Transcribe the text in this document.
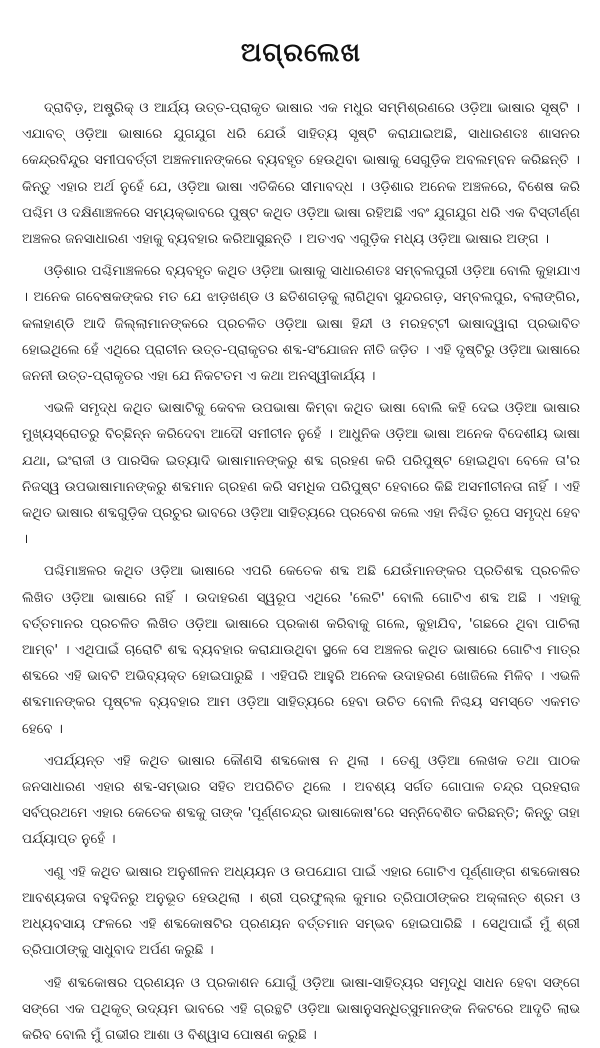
ଅଗ୍ରଲେଖ

ଦ୍ରାବିଡ଼, ଅଷ୍ଟ୍ରିକ୍ ଓ ଆର୍ଯ୍ୟ ଉତ୍ତ-ପ୍ରାକୃତ ଭାଷାର ଏକ ମଧୁର ସମ୍ମିଶ୍ରଣରେ ଓଡ଼ିଆ ଭାଷାର ସୃଷ୍ଟି । ଏଯାବତ୍ ଓଡ଼ିଆ ଭାଷାରେ ଯୁଗଯୁଗ ଧରି ଯେଉଁ ସାହିତ୍ୟ ସୃଷ୍ଟି କରାଯାଇଅଛି, ସାଧାରଣତଃ ଶାସନର କେନ୍ଦ୍ରବିନ୍ଦୁର ସମୀପବର୍ତ୍ତୀ ଅଞ୍ଚଳମାନଙ୍କରେ ବ୍ୟବହୃତ ହେଉଥିବା ଭାଷାକୁ ସେଗୁଡ଼ିକ ଅବଲମ୍ବନ କରିଛନ୍ତି । କିନ୍ତୁ ଏହାର ଅର୍ଥ ନୁହେଁ ଯେ, ଓଡ଼ିଆ ଭାଷା ଏତିକିରେ ସୀମାବଦ୍ଧ । ଓଡ଼ିଶାର ଅନେକ ଅଞ୍ଚଳରେ, ବିଶେଷ କରି ପଶ୍ଚିମ ଓ ଦକ୍ଷିଣାଞ୍ଚଳରେ ସମ୍ୟକ୍‌ଭାବରେ ପୁଷ୍ଟ କଥିତ ଓଡ଼ିଆ ଭାଷା ରହିଅଛି ଏବଂ ଯୁଗଯୁଗ ଧରି ଏକ ବିସ୍ତୀର୍ଣ୍ଣ ଅଞ୍ଚଳର ଜନସାଧାରଣ ଏହାକୁ ବ୍ୟବହାର କରିଆସୁଛନ୍ତି । ଅତଏବ ଏଗୁଡ଼ିକ ମଧ୍ୟ ଓଡ଼ିଆ ଭାଷାର ଅଙ୍ଗ ।

ଓଡ଼ିଶାର ପଶ୍ଚିମାଞ୍ଚଳରେ ବ୍ୟବହୃତ କଥିତ ଓଡ଼ିଆ ଭାଷାକୁ ସାଧାରଣତଃ ସମ୍ବଲପୁରୀ ଓଡ଼ିଆ ବୋଲି କୁହାଯାଏ । ଅନେକ ଗବେଷକଙ୍କର ମତ ଯେ ଝାଡ଼ଖଣ୍ଡ ଓ ଛତିଶଗଡ଼କୁ ଲାଗିଥିବା ସୁନ୍ଦରଗଡ଼, ସମ୍ବଲପୁର, ବଲାଙ୍ଗିର, କଳାହାଣ୍ଡି ଆଦି ଜିଲ୍ଲାମାନଙ୍କରେ ପ୍ରଚଳିତ ଓଡ଼ିଆ ଭାଷା ହିନ୍ଦୀ ଓ ମରହଟ୍ଟୀ ଭାଷାଦ୍ୱାରା ପ୍ରଭାବିତ ହୋଇଥିଲେ ହେଁ ଏଥିରେ ପ୍ରାଚୀନ ଉତ୍ତ-ପ୍ରାକୃତର ଶବ୍ଦ-ସଂଯୋଜନ ନୀତି ଜଡ଼ିତ । ଏହି ଦୃଷ୍ଟିରୁ ଓଡ଼ିଆ ଭାଷାରେ ଜନନୀ ଉତ୍ତ-ପ୍ରାକୃତର ଏହା ଯେ ନିକଟତମ ଏ କଥା ଅନସ୍ୱୀକାର୍ଯ୍ୟ ।

ଏଭଳି ସମୃଦ୍ଧ କଥିତ ଭାଷାଟିକୁ କେବଳ ଉପଭାଷା କିମ୍ବା କଥିତ ଭାଷା ବୋଲି କହି ଦେଇ ଓଡ଼ିଆ ଭାଷାର ମୁଖ୍ୟସ୍ରୋତରୁ ବିଚ୍ଛିନ୍ନ କରିଦେବା ଆଦୌ ସମୀଚୀନ ନୁହେଁ । ଆଧୁନିକ ଓଡ଼ିଆ ଭାଷା ଅନେକ ବିଦେଶୀୟ ଭାଷା ଯଥା, ଇଂରାଜୀ ଓ ପାରସିକ ଇତ୍ୟାଦି ଭାଷାମାନଙ୍କରୁ ଶବ୍ଦ ଗ୍ରହଣ କରି ପରିପୁଷ୍ଟ ହୋଇଥିବା ବେଳେ ତା'ର ନିଜସ୍ୱ ଉପଭାଷାମାନଙ୍କରୁ ଶବ୍ଦମାନ ଗ୍ରହଣ କରି ସମଧିକ ପରିପୁଷ୍ଟ ହେବାରେ କିଛି ଅସମୀଚୀନତା ନାହିଁ । ଏହି କଥିତ ଭାଷାର ଶବ୍ଦଗୁଡ଼ିକ ପ୍ରଚୁର ଭାବରେ ଓଡ଼ିଆ ସାହିତ୍ୟରେ ପ୍ରବେଶ କଲେ ଏହା ନିଶ୍ଚିତ ରୂପେ ସମୃଦ୍ଧ ହେବ ।

ପଶ୍ଚିମାଞ୍ଚଳର କଥିତ ଓଡ଼ିଆ ଭାଷାରେ ଏପରି କେତେକ ଶବ୍ଦ ଅଛି ଯେଉଁମାନଙ୍କର ପ୍ରତିଶବ୍ଦ ପ୍ରଚଳିତ ଲିଖିତ ଓଡ଼ିଆ ଭାଷାରେ ନାହିଁ । ଉଦାହରଣ ସ୍ୱରୂପ ଏଥିରେ 'ଲେଟି' ବୋଲି ଗୋଟିଏ ଶବ୍ଦ ଅଛି । ଏହାକୁ ବର୍ତ୍ତମାନର ପ୍ରଚଳିତ ଲିଖିତ ଓଡ଼ିଆ ଭାଷାରେ ପ୍ରକାଶ କରିବାକୁ ଗଲେ, କୁହାଯିବ, 'ଗଛରେ ଥିବା ପାଚିଲା ଆମ୍ବ' । ଏଥିପାଇଁ ଚାରୋଟି ଶବ୍ଦ ବ୍ୟବହାର କରାଯାଉଥିବା ସ୍ଥଳେ ସେ ଅଞ୍ଚଳର କଥିତ ଭାଷାରେ ଗୋଟିଏ ମାତ୍ର ଶବ୍ଦରେ ଏହି ଭାବଟି ଅଭିବ୍ୟକ୍ତ ହୋଇପାରୁଛି । ଏହିପରି ଆହୁରି ଅନେକ ଉଦାହରଣ ଖୋଜିଲେ ମିଳିବ । ଏଭଳି ଶବ୍ଦମାନଙ୍କର ପୃଷ୍ଟଳ ବ୍ୟବହାର ଆମ ଓଡ଼ିଆ ସାହିତ୍ୟରେ ହେବା ଉଚିତ ବୋଲି ନିଶ୍ଚୟ ସମସ୍ତେ ଏକମତ ହେବେ ।

ଏପର୍ଯ୍ୟନ୍ତ ଏହି କଥିତ ଭାଷାର କୌଣସି ଶବ୍ଦକୋଷ ନ ଥିଲା । ତେଣୁ ଓଡ଼ିଆ ଲେଖକ ତଥା ପାଠକ ଜନସାଧାରଣ ଏହାର ଶବ୍ଦ-ସମ୍ଭାର ସହିତ ଅପରିଚିତ ଥିଲେ । ଅବଶ୍ୟ ସର୍ଗତ ଗୋପାଳ ଚନ୍ଦ୍ର ପ୍ରହରାଜ ସର୍ବପ୍ରଥମେ ଏହାର କେତେକ ଶବ୍ଦକୁ ତାଙ୍କ 'ପୂର୍ଣ୍ଣଚନ୍ଦ୍ର ଭାଷାକୋଷ'ରେ ସନ୍ନିବେଶିତ କରିଛନ୍ତି; କିନ୍ତୁ ତାହା ପର୍ଯ୍ୟାପ୍ତ ନୁହେଁ ।

ଏଣୁ ଏହି କଥିତ ଭାଷାର ଅନୁଶୀଳନ ଅଧ୍ୟୟନ ଓ ଉପଯୋଗ ପାଇଁ ଏହାର ଗୋଟିଏ ପୂର୍ଣ୍ଣାଙ୍ଗ ଶବ୍ଦକୋଷର ଆବଶ୍ୟକତା ବହୁଦିନରୁ ଅନୁଭୂତ ହେଉଥିଲା । ଶ୍ରୀ ପ୍ରଫୁଲ୍ଲ କୁମାର ତ୍ରିପାଠୀଙ୍କର ଅକ୍ଳାନ୍ତ ଶ୍ରମ ଓ ଅଧ୍ୟବସାୟ ଫଳରେ ଏହି ଶବ୍ଦକୋଷଟିର ପ୍ରଣୟନ ବର୍ତ୍ତମାନ ସମ୍ଭବ ହୋଇପାରିଛି । ସେଥିପାଇଁ ମୁଁ ଶ୍ରୀ ତ୍ରିପାଠୀଙ୍କୁ ସାଧୁବାଦ ଅର୍ପଣ କରୁଛି ।

ଏହି ଶବ୍ଦକୋଷର ପ୍ରଣୟନ ଓ ପ୍ରକାଶନ ଯୋଗୁଁ ଓଡ଼ିଆ ଭାଷା-ସାହିତ୍ୟର ସମୃଦ୍ଧି ସାଧନ ହେବା ସଙ୍ଗେ ସଙ୍ଗେ ଏକ ପଥିକୃତ୍ ଉଦ୍ୟମ ଭାବରେ ଏହି ଗ୍ରନ୍ଥଟି ଓଡ଼ିଆ ଭାଷାନୁସନ୍ଧିତ୍ସୁମାନଙ୍କ ନିକଟରେ ଆଦୃତି ଲାଭ କରିବ ବୋଲି ମୁଁ ଗଭୀର ଆଶା ଓ ବିଶ୍ୱାସ ପୋଷଣ କରୁଛି ।
